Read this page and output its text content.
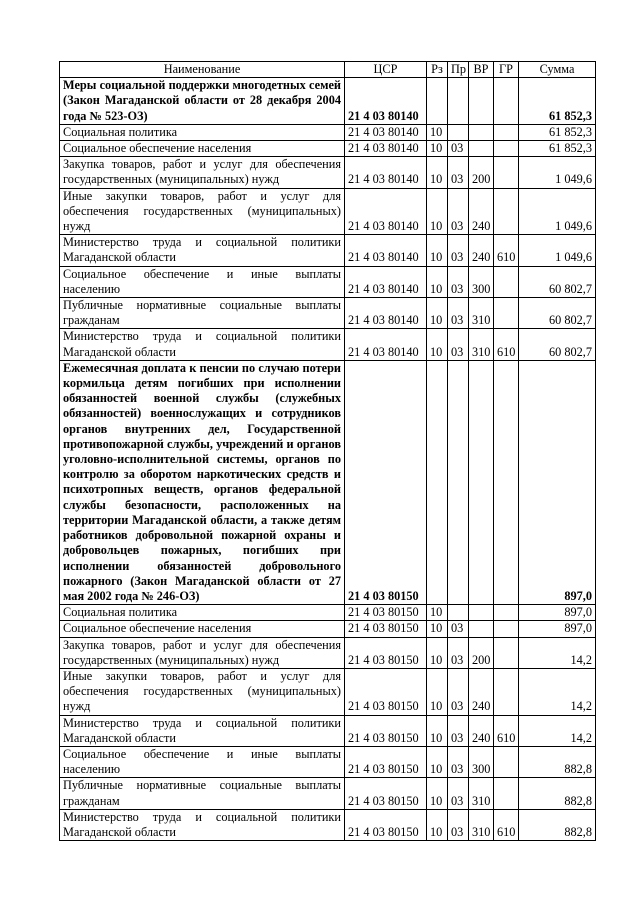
Наименование	ЦСР	Рз	Пр	ВР	ГР	Сумма
Меры социальной поддержки многодетных семей (Закон Магаданской области от 28 декабря 2004 года № 523-ОЗ)	21 4 03 80140					61 852,3
Социальная политика	21 4 03 80140	10				61 852,3
Социальное обеспечение населения	21 4 03 80140	10	03			61 852,3
Закупка товаров, работ и услуг для обеспечения государственных (муниципальных) нужд	21 4 03 80140	10	03	200		1 049,6
Иные закупки товаров, работ и услуг для обеспечения государственных (муниципальных) нужд	21 4 03 80140	10	03	240		1 049,6
Министерство труда и социальной политики Магаданской области	21 4 03 80140	10	03	240	610	1 049,6
Социальное обеспечение и иные выплаты населению	21 4 03 80140	10	03	300		60 802,7
Публичные нормативные социальные выплаты гражданам	21 4 03 80140	10	03	310		60 802,7
Министерство труда и социальной политики Магаданской области	21 4 03 80140	10	03	310	610	60 802,7
Ежемесячная доплата к пенсии по случаю потери кормильца детям погибших при исполнении обязанностей военной службы (служебных обязанностей) военнослужащих и сотрудников органов внутренних дел, Государственной противопожарной службы, учреждений и органов уголовно-исполнительной системы, органов по контролю за оборотом наркотических средств и психотропных веществ, органов федеральной службы безопасности, расположенных на территории Магаданской области, а также детям работников добровольной пожарной охраны и добровольцев пожарных, погибших при исполнении обязанностей добровольного пожарного (Закон Магаданской области от 27 мая 2002 года № 246-ОЗ)	21 4 03 80150					897,0
Социальная политика	21 4 03 80150	10				897,0
Социальное обеспечение населения	21 4 03 80150	10	03			897,0
Закупка товаров, работ и услуг для обеспечения государственных (муниципальных) нужд	21 4 03 80150	10	03	200		14,2
Иные закупки товаров, работ и услуг для обеспечения государственных (муниципальных) нужд	21 4 03 80150	10	03	240		14,2
Министерство труда и социальной политики Магаданской области	21 4 03 80150	10	03	240	610	14,2
Социальное обеспечение и иные выплаты населению	21 4 03 80150	10	03	300		882,8
Публичные нормативные социальные выплаты гражданам	21 4 03 80150	10	03	310		882,8
Министерство труда и социальной политики Магаданской области	21 4 03 80150	10	03	310	610	882,8
